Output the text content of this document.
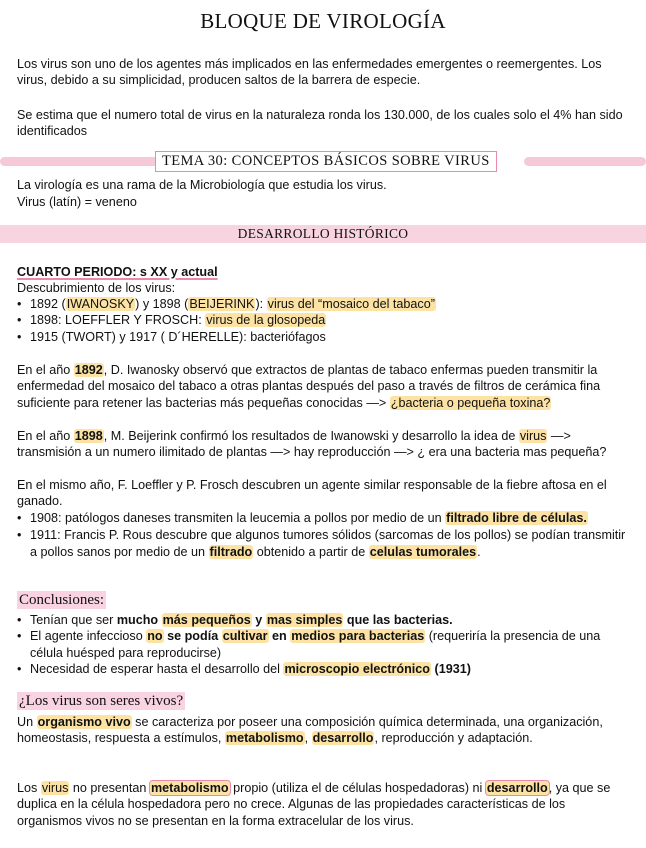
BLOQUE DE VIROLOGÍA

Los virus son uno de los agentes más implicados en las enfermedades emergentes o reemergentes. Los virus, debido a su simplicidad, producen saltos de la barrera de especie.

Se estima que el numero total de virus en la naturaleza ronda los 130.000, de los cuales solo el 4% han sido identificados

TEMA 30: CONCEPTOS BÁSICOS SOBRE VIRUS

La virología es una rama de la Microbiología que estudia los virus.

Virus (latín) = veneno

DESARROLLO HISTÓRICO

CUARTO PERIODO: s XX y actual

Descubrimiento de los virus:

• 1892 (IWANOSKY) y 1898 (BEIJERINK): virus del “mosaico del tabaco”
• 1898: LOEFFLER Y FROSCH: virus de la glosopeda
• 1915 (TWORT) y 1917 ( D´HERELLE): bacteriófagos

En el año 1892, D. Iwanosky observó que extractos de plantas de tabaco enfermas pueden transmitir la enfermedad del mosaico del tabaco a otras plantas después del paso a través de filtros de cerámica fina suficiente para retener las bacterias más pequeñas conocidas —> ¿bacteria o pequeña toxina?

En el año 1898, M. Beijerink confirmó los resultados de Iwanowski y desarrollo la idea de virus —> transmisión a un numero ilimitado de plantas —> hay reproducción —> ¿ era una bacteria mas pequeña?

En el mismo año, F. Loeffler y P. Frosch descubren un agente similar responsable de la fiebre aftosa en el ganado.

• 1908: patólogos daneses transmiten la leucemia a pollos por medio de un filtrado libre de células.
• 1911: Francis P. Rous descubre que algunos tumores sólidos (sarcomas de los pollos) se podían transmitir a pollos sanos por medio de un filtrado obtenido a partir de celulas tumorales.
Conclusiones:
• Tenían que ser mucho más pequeños y mas simples que las bacterias.
• El agente infeccioso no se podía cultivar en medios para bacterias (requeriría la presencia de una célula huésped para reproducirse)
• Necesidad de esperar hasta el desarrollo del microscopio electrónico (1931)
¿Los virus son seres vivos?

Un organismo vivo se caracteriza por poseer una composición química determinada, una organización, homeostasis, respuesta a estímulos, metabolismo, desarrollo, reproducción y adaptación.

Los virus no presentan metabolismo propio (utiliza el de células hospedadoras) ni desarrollo, ya que se duplica en la célula hospedadora pero no crece. Algunas de las propiedades características de los organismos vivos no se presentan en la forma extracelular de los virus.
